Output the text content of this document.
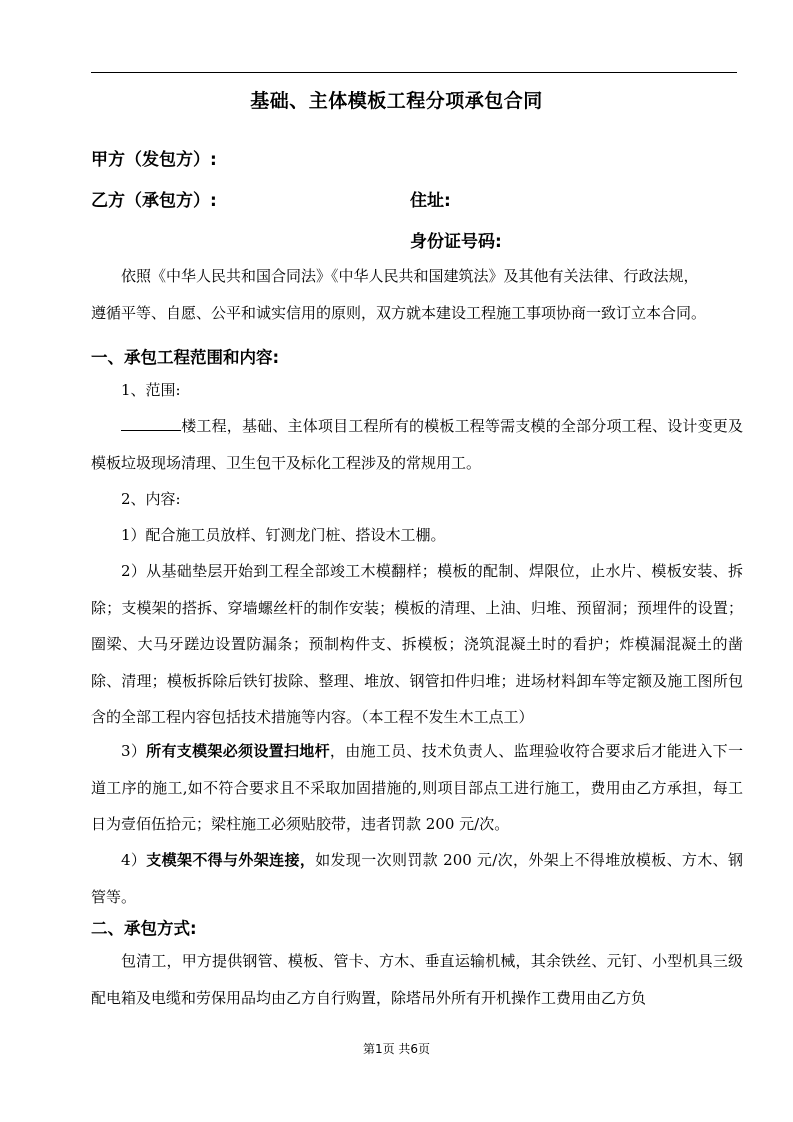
基础、主体模板工程分项承包合同
甲方（发包方）:
乙方（承包方）:	住址:
身份证号码:
依照《中华人民共和国合同法》《中华人民共和国建筑法》及其他有关法律、行政法规，
遵循平等、自愿、公平和诚实信用的原则，双方就本建设工程施工事项协商一致订立本合同。
一、承包工程范围和内容:
1、范围:
楼工程，基础、主体项目工程所有的模板工程等需支模的全部分项工程、设计变更及模板垃圾现场清理、卫生包干及标化工程涉及的常规用工。
2、内容:
1）配合施工员放样、钉测龙门桩、搭设木工棚。
2）从基础垫层开始到工程全部竣工木模翻样；模板的配制、焊限位，止水片、模板安装、拆除；支模架的搭拆、穿墙螺丝杆的制作安装；模板的清理、上油、归堆、预留洞；预埋件的设置；圈梁、大马牙蹉边设置防漏条；预制构件支、拆模板；浇筑混凝土时的看护；炸模漏混凝土的凿除、清理；模板拆除后铁钉拔除、整理、堆放、钢管扣件归堆；进场材料卸车等定额及施工图所包含的全部工程内容包括技术措施等内容。（本工程不发生木工点工）
3）所有支模架必须设置扫地杆，由施工员、技术负责人、监理验收符合要求后才能进入下一道工序的施工,如不符合要求且不采取加固措施的,则项目部点工进行施工，费用由乙方承担，每工日为壹佰伍拾元；梁柱施工必须贴胶带，违者罚款 200 元/次。
4）支模架不得与外架连接，如发现一次则罚款 200 元/次，外架上不得堆放模板、方木、钢管等。
二、承包方式:
包清工，甲方提供钢管、模板、管卡、方木、垂直运输机械，其余铁丝、元钉、小型机具三级配电箱及电缆和劳保用品均由乙方自行购置，除塔吊外所有开机操作工费用由乙方负
第1页 共6页
